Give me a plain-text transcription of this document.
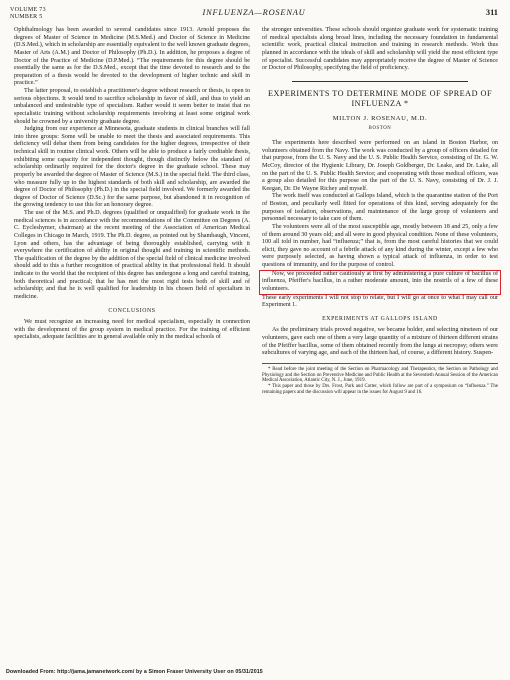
VOLUME 73
NUMBER 5	INFLUENZA—ROSENAU	311

Ophthalmology has been awarded to several candidates since 1913. Arnold proposes the degrees of Master of Science in Medicine (M.S.Med.) and Doctor of Science in Medicine (D.S.Med.), which in scholarship are essentially equivalent to the well known graduate degrees, Master of Arts (A.M.) and Doctor of Philosophy (Ph.D.). In addition, he proposes a degree of Doctor of the Practice of Medicine (D.P.Med.). “The requirements for this degree should be essentially the same as for the D.S.Med., except that the time devoted to research and to the preparation of a thesis would be devoted to the development of higher technic and skill in practice.”

The latter proposal, to establish a practitioner's degree without research or thesis, is open to serious objections. It would tend to sacrifice scholarship in favor of skill, and thus to yield an unbalanced and undesirable type of specialism. Rather would it seem better to insist that no specialistic training without scholarship requirements involving at least some original work should be crowned by a university graduate degree.

Judging from our experience at Minnesota, graduate students in clinical branches will fall into three groups: Some will be unable to meet the thesis and associated requirements. This deficiency will debar them from being candidates for the higher degrees, irrespective of their technical skill in routine clinical work. Others will be able to produce a fairly creditable thesis, exhibiting some capacity for independent thought, though distinctly below the standard of scholarship ordinarily required for the doctor's degree in the graduate school. These may properly be awarded the degree of Master of Science (M.S.) in the special field. The third class, who measure fully up to the highest standards of both skill and scholarship, are awarded the degree of Doctor of Philosophy (Ph.D.) in the special field involved. We formerly awarded the degree of Doctor of Science (D.Sc.) for the same purpose, but abandoned it in recognition of the growing tendency to use this for an honorary degree.

The use of the M.S. and Ph.D. degrees (qualified or unqualified) for graduate work in the medical sciences is in accordance with the recommendations of the Committee on Degrees (A. C. Eycleshymer, chairman) at the recent meeting of the Association of American Medical Colleges in Chicago in March, 1919. The Ph.D. degree, as pointed out by Shambaugh, Vincent, Lyon and others, has the advantage of being thoroughly established, carrying with it everywhere the certification of ability in original thought and training in scientific methods. The qualification of the degree by the addition of the special field of clinical medicine involved should add to this a further recognition of practical ability in that professional field. It should indicate to the world that the recipient of this degree has undergone a long and careful training, both theoretical and practical; that he has met the most rigid tests both of skill and of scholarship; and that he is well qualified for leadership in his chosen field of specialism in medicine.

CONCLUSIONS

We must recognize an increasing need for medical specialism, especially in connection with the development of the group system in medical practice. For the training of efficient specialists, adequate facilities are in general available only in the medical schools of

the stronger universities. These schools should organize graduate work for systematic training of medical specialists along broad lines, including the necessary foundation in fundamental scientific work, practical clinical instruction and training in research methods. Work thus planned in accordance with the ideals of skill and scholarship will yield the most efficient type of specialist. Successful candidates may appropriately receive the degree of Master of Science or Doctor of Philosophy, specifying the field of proficiency.

EXPERIMENTS TO DETERMINE MODE OF SPREAD OF INFLUENZA *
MILTON J. ROSENAU, M.D.
BOSTON

The experiments here described were performed on an island in Boston Harbor, on volunteers obtained from the Navy. The work was conducted by a group of officers detailed for that purpose, from the U. S. Navy and the U. S. Public Health Service, consisting of Dr. G. W. McCoy, director of the Hygienic Library, Dr. Joseph Goldberger, Dr. Leake, and Dr. Lake, all on the part of the U. S. Public Health Service; and cooperating with those medical officers, was a group also detailed for this purpose on the part of the U. S. Navy, consisting of Dr. J. J. Keegan, Dr. De Wayne Richey and myself.

The work itself was conducted at Gallops Island, which is the quarantine station of the Port of Boston, and peculiarly well fitted for operations of this kind, serving adequately for the purposes of isolation, observations, and maintenance of the large group of volunteers and personnel necessary to take care of them.

The volunteers were all of the most susceptible age, mostly between 18 and 25, only a few of them around 30 years old; and all were in good physical condition. None of these volunteers, 100 all told in number, had “influenza;” that is, from the most careful histories that we could elicit, they gave no account of a febrile attack of any kind during the winter, except a few who were purposely selected, as having shown a typical attack of influenza, in order to test questions of immunity, and for the purpose of control.

Now, we proceeded rather cautiously at first by administering a pure culture of bacillus of influenza, Pfeiffer's bacillus, in a rather moderate amount, into the nostrils of a few of these volunteers.

These early experiments I will not stop to relate, but I will go at once to what I may call our Experiment 1.

EXPERIMENTS AT GALLOPS ISLAND

As the preliminary trials proved negative, we became bolder, and selecting nineteen of our volunteers, gave each one of them a very large quantity of a mixture of thirteen different strains of the Pfeiffer bacillus, some of them obtained recently from the lungs at necropsy; others were subcultures of varying age, and each of the thirteen had, of course, a different history. Suspen-

* Read before the joint meeting of the Section on Pharmacology and Therapeutics, the Section on Pathology and Physiology and the Section on Preventive Medicine and Public Health at the Seventieth Annual Session of the American Medical Association, Atlantic City, N. J., June, 1919.

* This paper and those by Drs. Frost, Park and Cotter, which follow are part of a symposium on “Influenza.” The remaining papers and the discussion will appear in the issues for August 9 and 16.

Downloaded From: http://jama.jamanetwork.com/ by a Simon Fraser University User on 05/31/2015
